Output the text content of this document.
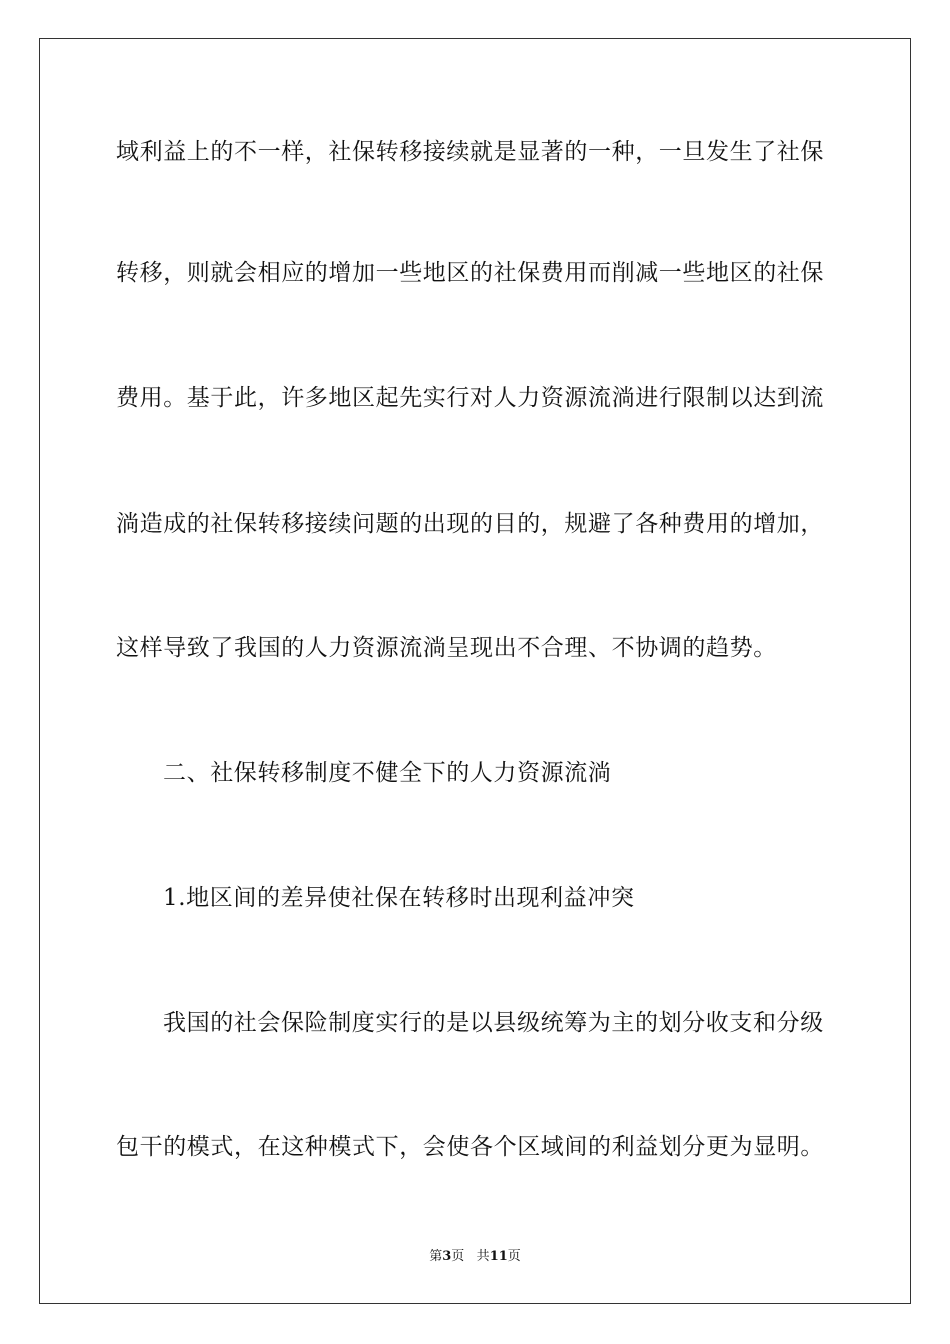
域利益上的不一样，社保转移接续就是显著的一种，一旦发生了社保
转移，则就会相应的增加一些地区的社保费用而削减一些地区的社保
费用。基于此，许多地区起先实行对人力资源流淌进行限制以达到流
淌造成的社保转移接续问题的出现的目的，规避了各种费用的增加，
这样导致了我国的人力资源流淌呈现出不合理、不协调的趋势。
二、社保转移制度不健全下的人力资源流淌
1.地区间的差异使社保在转移时出现利益冲突
我国的社会保险制度实行的是以县级统筹为主的划分收支和分级
包干的模式，在这种模式下，会使各个区域间的利益划分更为显明。
第3页 共11页
